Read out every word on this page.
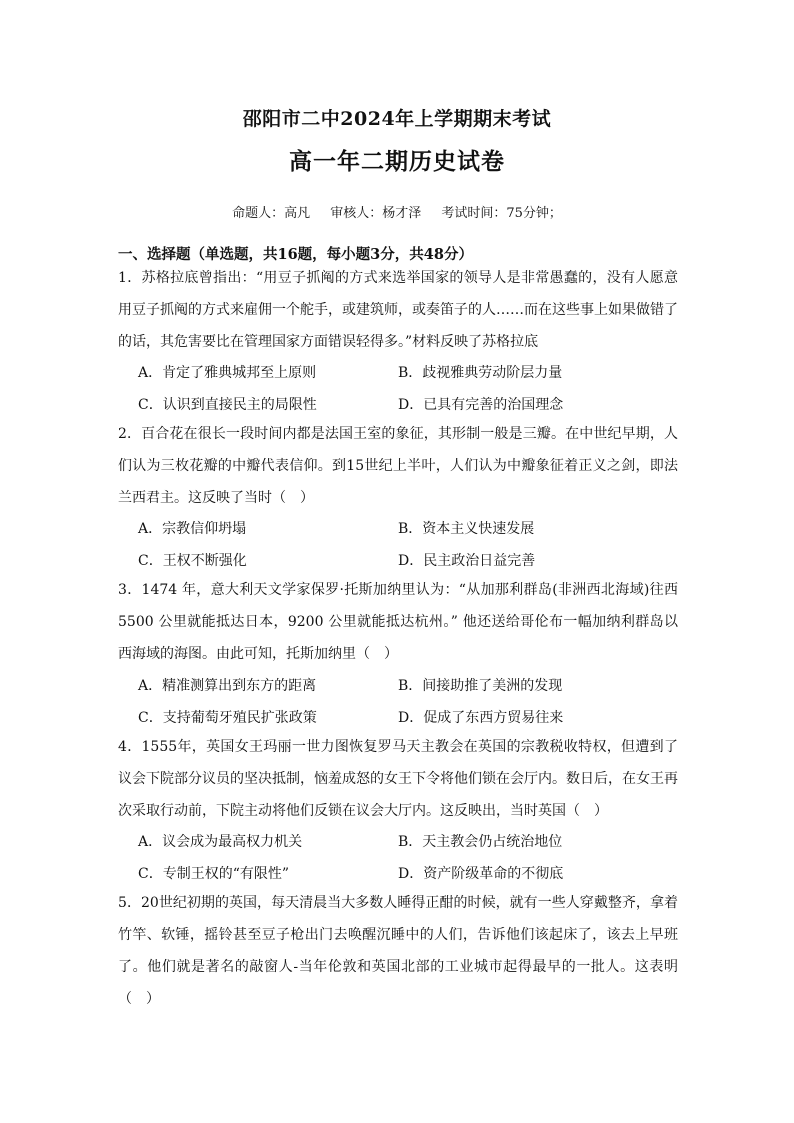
邵阳市二中2024年上学期期末考试
高一年二期历史试卷
命题人：高凡 审核人：杨才泽 考试时间：75分钟；
一、选择题（单选题，共16题，每小题3分，共48分）
1．苏格拉底曾指出：“用豆子抓阄的方式来选举国家的领导人是非常愚蠢的，没有人愿意用豆子抓阄的方式来雇佣一个舵手，或建筑师，或奏笛子的人……而在这些事上如果做错了的话，其危害要比在管理国家方面错误轻得多。”材料反映了苏格拉底
A．肯定了雅典城邦至上原则	B．歧视雅典劳动阶层力量
C．认识到直接民主的局限性	D．已具有完善的治国理念
2．百合花在很长一段时间内都是法国王室的象征，其形制一般是三瓣。在中世纪早期，人们认为三枚花瓣的中瓣代表信仰。到15世纪上半叶，人们认为中瓣象征着正义之剑，即法兰西君主。这反映了当时（　）
A．宗教信仰坍塌	B．资本主义快速发展
C．王权不断强化	D．民主政治日益完善
3．1474 年，意大利天文学家保罗·托斯加纳里认为：“从加那利群岛(非洲西北海域)往西5500 公里就能抵达日本，9200 公里就能抵达杭州。” 他还送给哥伦布一幅加纳利群岛以西海域的海图。由此可知，托斯加纳里（　）
A．精准测算出到东方的距离	B．间接助推了美洲的发现
C．支持葡萄牙殖民扩张政策	D．促成了东西方贸易往来
4．1555年，英国女王玛丽一世力图恢复罗马天主教会在英国的宗教税收特权，但遭到了议会下院部分议员的坚决抵制，恼羞成怒的女王下令将他们锁在会厅内。数日后，在女王再次采取行动前，下院主动将他们反锁在议会大厅内。这反映出，当时英国（　）
A．议会成为最高权力机关	B．天主教会仍占统治地位
C．专制王权的“有限性”	D．资产阶级革命的不彻底
5．20世纪初期的英国，每天清晨当大多数人睡得正酣的时候，就有一些人穿戴整齐，拿着竹竿、软锤，摇铃甚至豆子枪出门去唤醒沉睡中的人们，告诉他们该起床了，该去上早班了。他们就是著名的敲窗人-当年伦敦和英国北部的工业城市起得最早的一批人。这表明（　）
